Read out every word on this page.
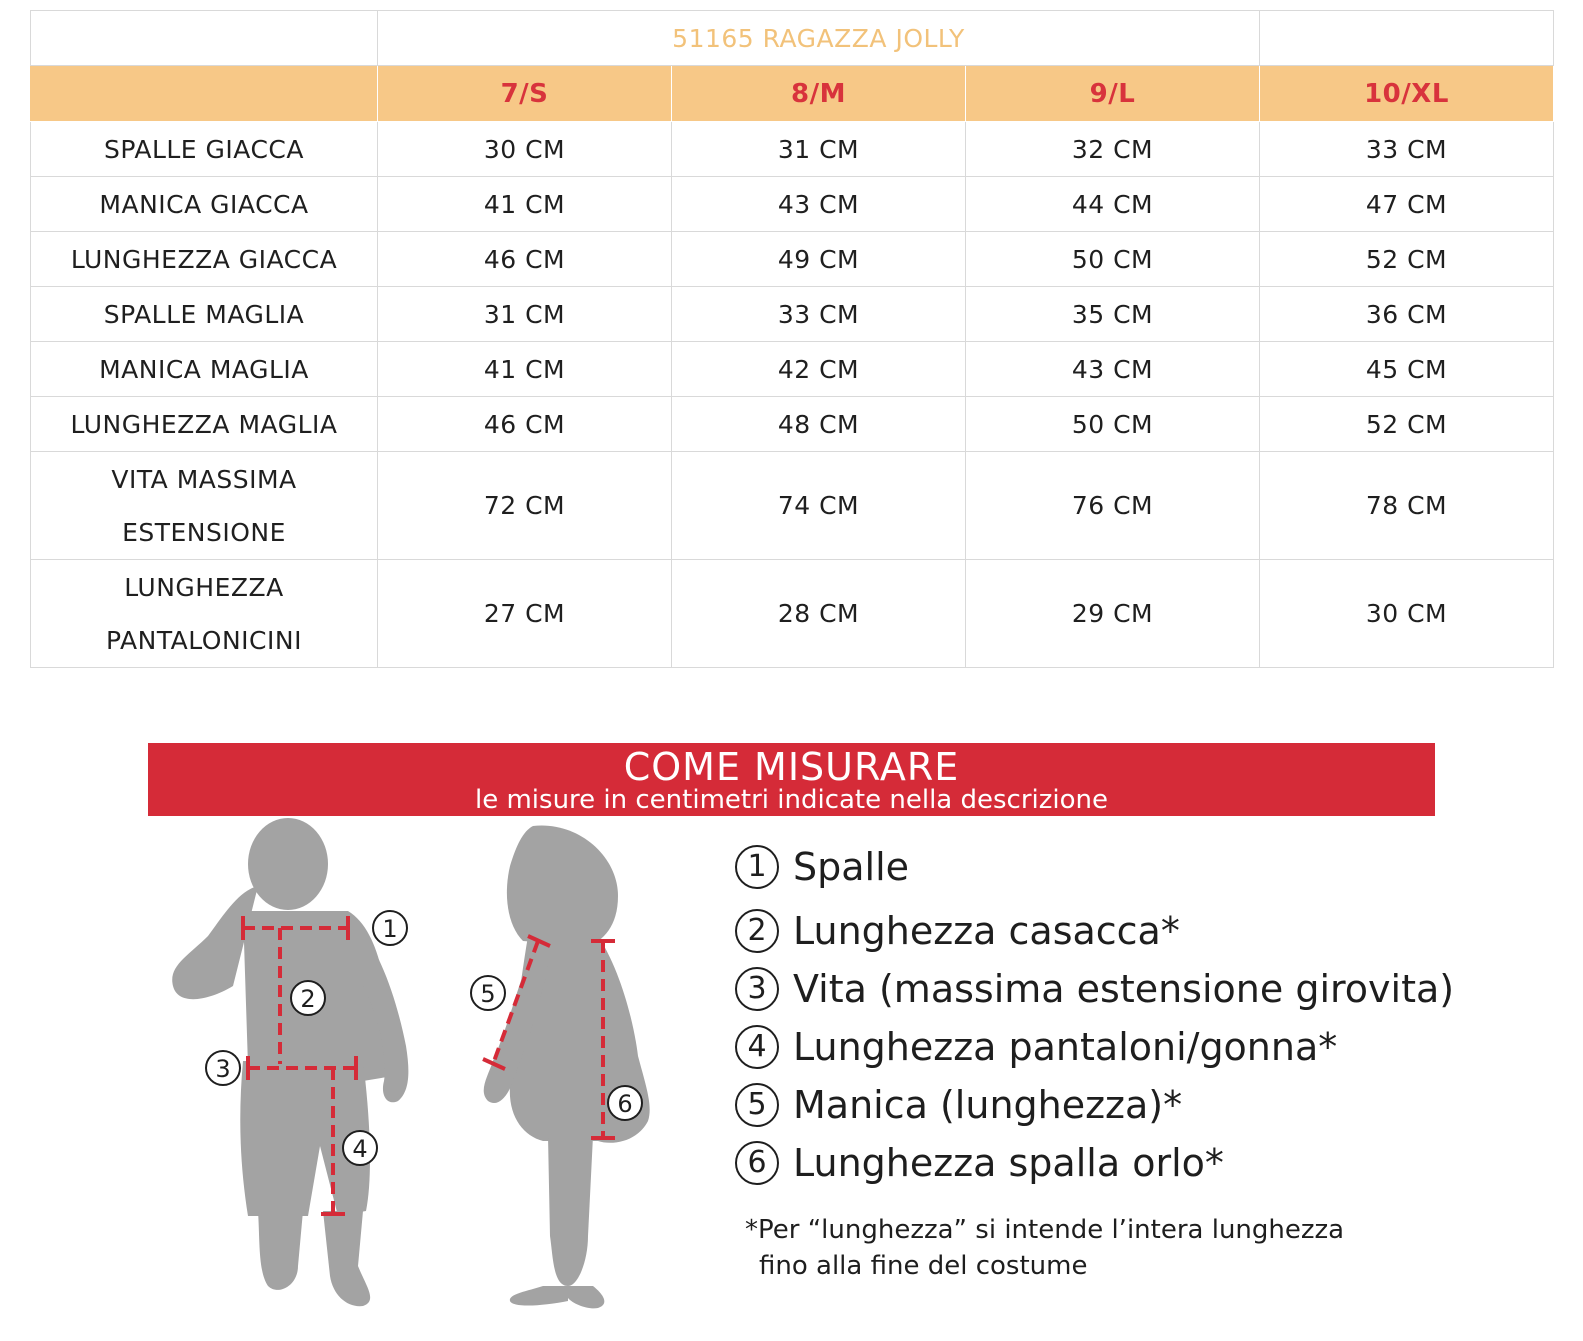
	51165 RAGAZZA JOLLY			
	7/S	8/M	9/L	10/XL

SPALLE GIACCA	30 CM	31 CM	32 CM	33 CM

MANICA GIACCA	41 CM	43 CM	44 CM	47 CM

LUNGHEZZA GIACCA	46 CM	49 CM	50 CM	52 CM

SPALLE MAGLIA	31 CM	33 CM	35 CM	36 CM

MANICA MAGLIA	41 CM	42 CM	43 CM	45 CM

LUNGHEZZA MAGLIA	46 CM	48 CM	50 CM	52 CM

VITA MASSIMA
ESTENSIONE	72 CM	74 CM	76 CM	78 CM

LUNGHEZZA
PANTALONICINI	27 CM	28 CM	29 CM	30 CM
COME MISURARE
le misure in centimetri indicate nella descrizione
1
2
3
4
5
6
1 Spalle
2 Lunghezza casacca*
3 Vita (massima estensione girovita)
4 Lunghezza pantaloni/gonna*
5 Manica (lunghezza)*
6 Lunghezza spalla orlo*
*Per “lunghezza” si intende l’intera lunghezza
fino alla fine del costume
